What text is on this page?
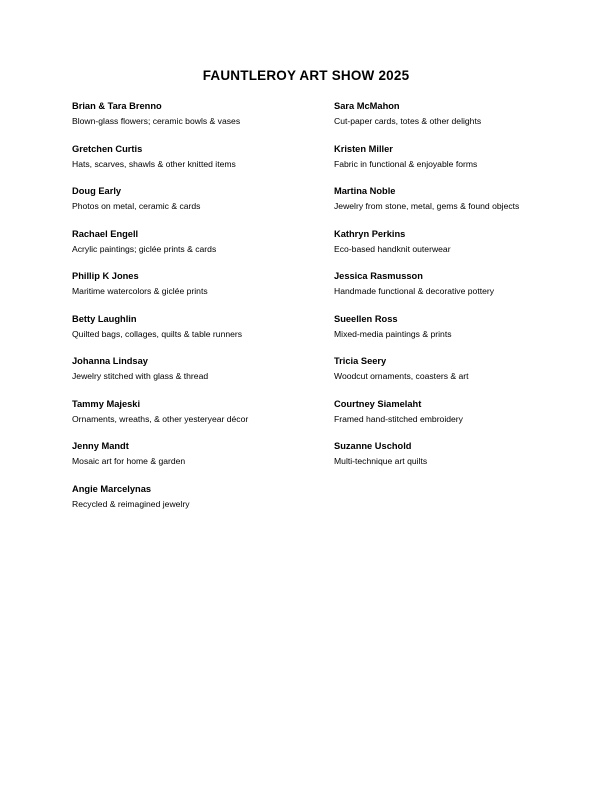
FAUNTLEROY ART SHOW 2025
Brian & Tara Brenno
Blown-glass flowers; ceramic bowls & vases
Gretchen Curtis
Hats, scarves, shawls & other knitted items
Doug Early
Photos on metal, ceramic & cards
Rachael Engell
Acrylic paintings; giclée prints & cards
Phillip K Jones
Maritime watercolors & giclée prints
Betty Laughlin
Quilted bags, collages, quilts & table runners
Johanna Lindsay
Jewelry stitched with glass & thread
Tammy Majeski
Ornaments, wreaths, & other yesteryear décor
Jenny Mandt
Mosaic art for home & garden
Angie Marcelynas
Recycled & reimagined jewelry
Sara McMahon
Cut-paper cards, totes & other delights
Kristen Miller
Fabric in functional & enjoyable forms
Martina Noble
Jewelry from stone, metal, gems & found objects
Kathryn Perkins
Eco-based handknit outerwear
Jessica Rasmusson
Handmade functional & decorative pottery
Sueellen Ross
Mixed-media paintings & prints
Tricia Seery
Woodcut ornaments, coasters & art
Courtney Siamelaht
Framed hand-stitched embroidery
Suzanne Uschold
Multi-technique art quilts
